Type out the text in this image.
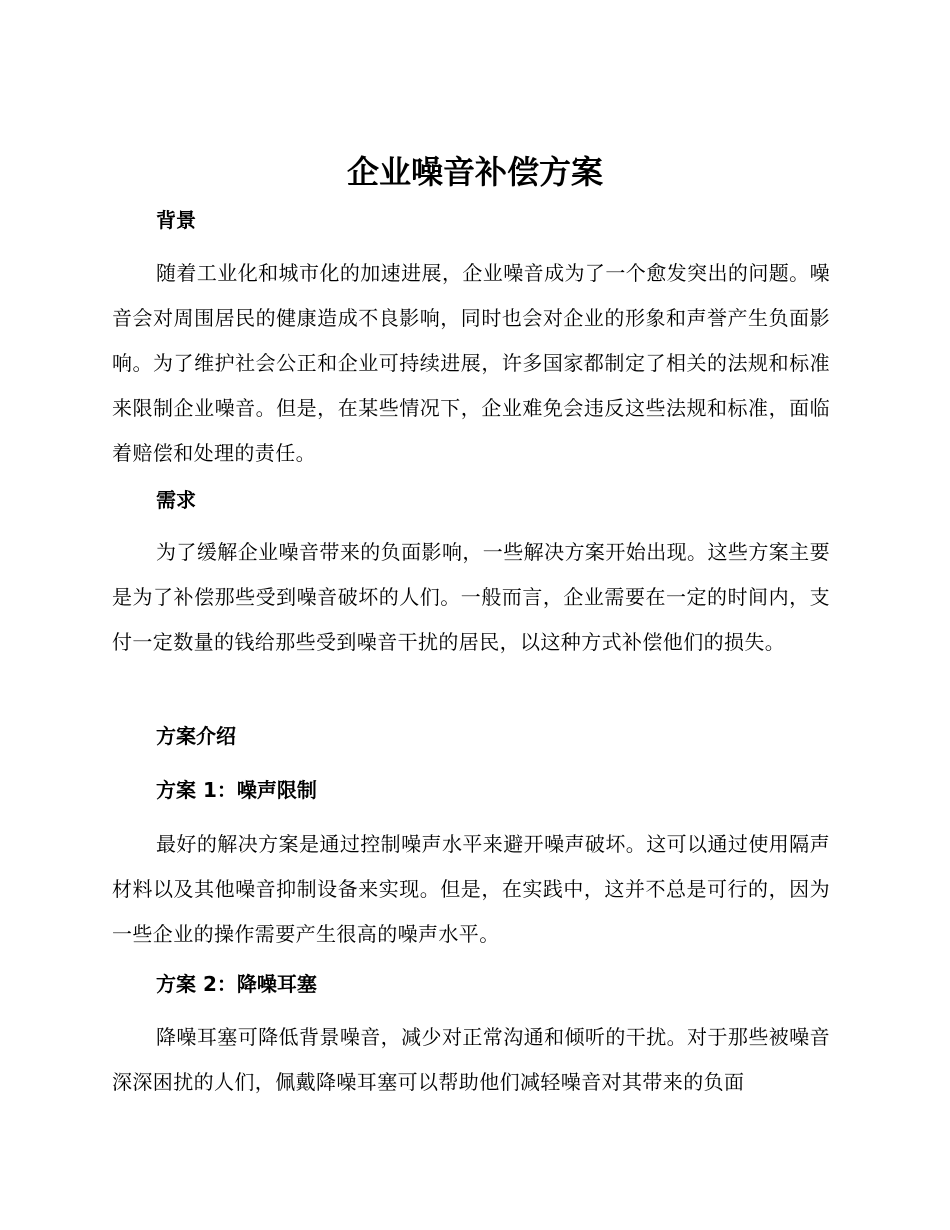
企业噪音补偿方案
背景

随着工业化和城市化的加速进展，企业噪音成为了一个愈发突出的问题。噪音会对周围居民的健康造成不良影响，同时也会对企业的形象和声誉产生负面影响。为了维护社会公正和企业可持续进展，许多国家都制定了相关的法规和标准来限制企业噪音。但是，在某些情况下，企业难免会违反这些法规和标准，面临着赔偿和处理的责任。

需求

为了缓解企业噪音带来的负面影响，一些解决方案开始出现。这些方案主要是为了补偿那些受到噪音破坏的人们。一般而言，企业需要在一定的时间内，支付一定数量的钱给那些受到噪音干扰的居民，以这种方式补偿他们的损失。

方案介绍
方案 1：噪声限制

最好的解决方案是通过控制噪声水平来避开噪声破坏。这可以通过使用隔声材料以及其他噪音抑制设备来实现。但是，在实践中，这并不总是可行的，因为一些企业的操作需要产生很高的噪声水平。

方案 2：降噪耳塞

降噪耳塞可降低背景噪音，减少对正常沟通和倾听的干扰。对于那些被噪音深深困扰的人们，佩戴降噪耳塞可以帮助他们减轻噪音对其带来的负面
